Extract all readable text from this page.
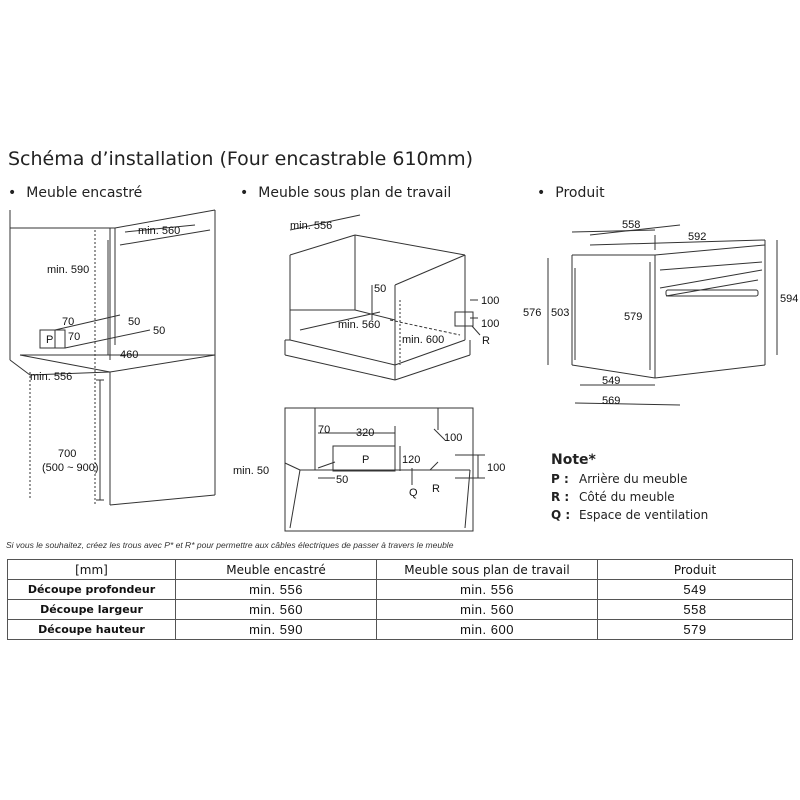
Schéma d’installation (Four encastrable 610mm)
• Meuble encastré	• Meuble sous plan de travail	• Produit
min. 560
min. 590
70
70
P
50
50
460
min. 556
700
(500 ~ 900)
min. 556
50
min. 560
min. 600
100
100
R
558
592
576 503	579
594
549
569
70 320	100
min. 50
P	120
100
50
Q R
Note*
P : Arrière du meuble
R : Côté du meuble
Q : Espace de ventilation
Si vous le souhaitez, créez les trous avec P* et R* pour permettre aux câbles électriques de passer à travers le meuble
[mm]	Meuble encastré	Meuble sous plan de travail	Produit
Découpe profondeur	min. 556	min. 556	549
Découpe largeur	min. 560	min. 560	558
Découpe hauteur	min. 590	min. 600	579
